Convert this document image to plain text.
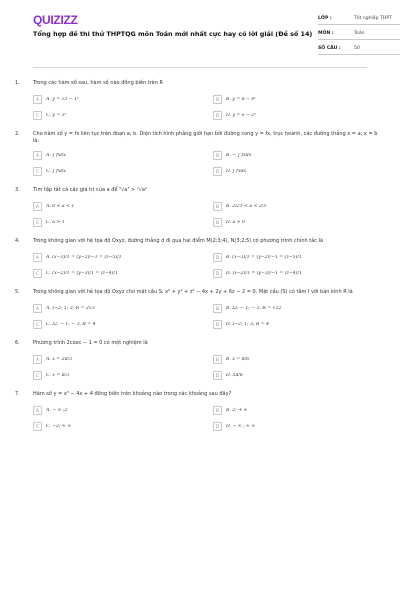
QUIZIZZ
Tổng hợp đề thi thử THPTQG môn Toán mới nhất cực hay có lời giải (Đề số 14)
LỚP :	Tốt nghiệp THPT
MÔN :	Toán
SỐ CÂU :	50
1.	Trong các hàm số sau, hàm số nào đồng biến trên R
A	A. y = √3 − 1ˣ	B	B. y = π − eˣ
C	C. y = 3ˣ	D	D. y = e − 2ˣ
2.	Cho hàm số y = fx liên tục trên đoạn a; b. Diện tích hình phẳng giới hạn bởi đường cong y = fx, trục hoành, các đường thẳng x = a; x = b là:
A	A. ∫ fxdx	B	B. − ∫ fxdx
C	C. ∫ fxdx	D	D. ∫ fxdx
3.	Tìm tập tất cả các giá trị của a để ⁵√a⁷ > ⁷√a²
A	A. 0 < a < 1	B	B. 2/21 < a < 2/5
C	C. a > 1	D	D. a > 0
4.	Trong không gian với hệ tọa độ Oxyz, đường thẳng d đi qua hai điểm M(2;3;4), N(3;2;5) có phương trình chính tắc là
A	A. (x−3)/1 = (y−2)/−1 = (z−5)/1	B	B. (x−3)/1 = (y−2)/−1 = (z−5)/1
C	C. (x−2)/1 = (y−3)/1 = (z−4)/1	D	D. (x−2)/1 = (y−3)/−1 = (z−4)/1
5.	Trong không gian với hệ tọa độ Oxyz cho mặt cầu S: x² + y² + z² − 4x + 2y + 6z − 2 = 0. Mặt cầu (S) có tâm I với bán kính R là
A	A. I−2; 1; 3; R = 2√3	B	B. I2; − 1; − 3, R = √12
C	C. I2; − 1; − 3, R = 4	D	D. I−2; 1; 3; R = 4
6.	Phương trình 2cosx − 1 = 0 có một nghiệm là
A	A. x = 2π/3	B	B. x = π/6
C	C. x = π/3	D	D. 5π/6
7.	Hàm số y = x³ − 4x + 4 đồng biến trên khoảng nào trong các khoảng sau đây?
A	A. − ∞ ;2	B	B. 2; + ∞
C	C. −2; + ∞	D	D. − ∞ ; + ∞
